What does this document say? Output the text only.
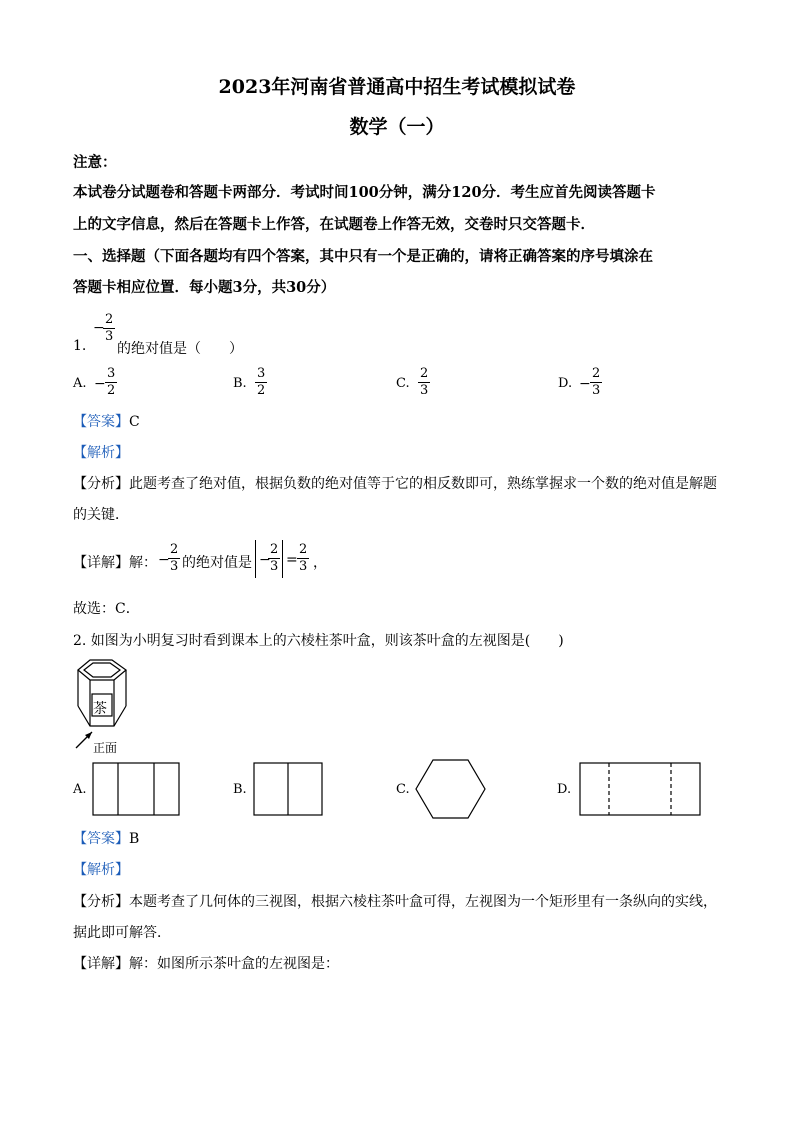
2023年河南省普通高中招生考试模拟试卷
数学（一）
注意：
本试卷分试题卷和答题卡两部分．考试时间100分钟，满分120分．考生应首先阅读答题卡
上的文字信息，然后在答题卡上作答，在试题卷上作答无效，交卷时只交答题卡．
一、选择题（下面各题均有四个答案，其中只有一个是正确的，请将正确答案的序号填涂在
答题卡相应位置．每小题3分，共30分）
1.
−
$\frac{2}{3}$
的绝对值是（　　）
A. − $\frac{3}{2}$	B. $\frac{3}{2}$	C. $\frac{2}{3}$	D. − $\frac{2}{3}$
【答案】C
【解析】
【分析】此题考查了绝对值，根据负数的绝对值等于它的相反数即可，熟练掌握求一个数的绝对值是解题
的关键．
【详解】解： −
$\frac{2}{3}$ 的绝对值是 −
$\frac{2}{3} = \frac{2}{3}$ ，
故选：C．
2. 如图为小明复习时看到课本上的六棱柱茶叶盒，则该茶叶盒的左视图是(　　)
茶
正面
A.	B.	C.	D.
【答案】B
【解析】
【分析】本题考查了几何体的三视图，根据六棱柱茶叶盒可得，左视图为一个矩形里有一条纵向的实线，
据此即可解答．
【详解】解：如图所示茶叶盒的左视图是：
